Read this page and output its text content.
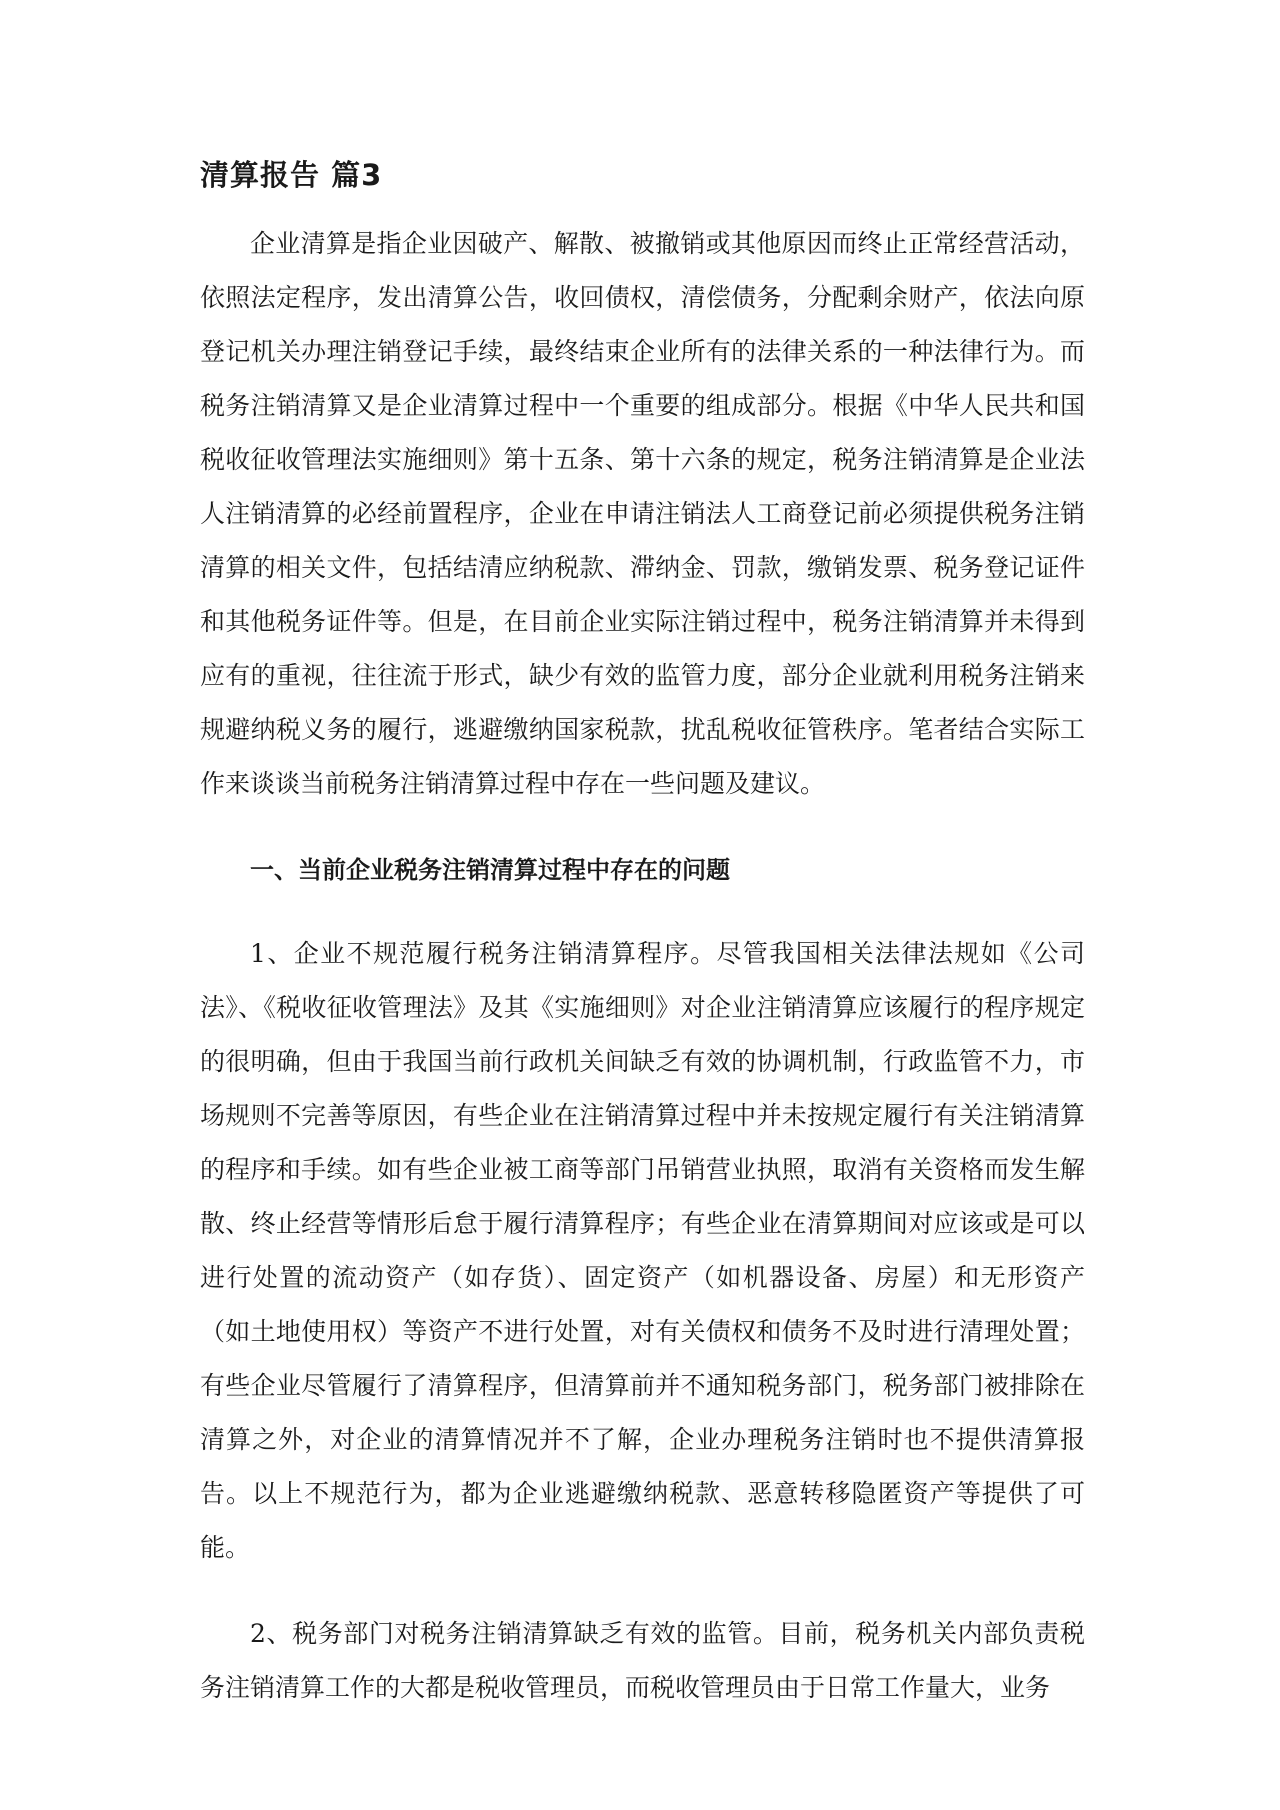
清算报告 篇3

企业清算是指企业因破产、解散、被撤销或其他原因而终止正常经营活动，依照法定程序，发出清算公告，收回债权，清偿债务，分配剩余财产，依法向原登记机关办理注销登记手续，最终结束企业所有的法律关系的一种法律行为。而税务注销清算又是企业清算过程中一个重要的组成部分。根据《中华人民共和国税收征收管理法实施细则》第十五条、第十六条的规定，税务注销清算是企业法人注销清算的必经前置程序，企业在申请注销法人工商登记前必须提供税务注销清算的相关文件，包括结清应纳税款、滞纳金、罚款，缴销发票、税务登记证件和其他税务证件等。但是，在目前企业实际注销过程中，税务注销清算并未得到应有的重视，往往流于形式，缺少有效的监管力度，部分企业就利用税务注销来规避纳税义务的履行，逃避缴纳国家税款，扰乱税收征管秩序。笔者结合实际工作来谈谈当前税务注销清算过程中存在一些问题及建议。

一、当前企业税务注销清算过程中存在的问题

1、企业不规范履行税务注销清算程序。尽管我国相关法律法规如《公司法》、《税收征收管理法》及其《实施细则》对企业注销清算应该履行的程序规定的很明确，但由于我国当前行政机关间缺乏有效的协调机制，行政监管不力，市场规则不完善等原因，有些企业在注销清算过程中并未按规定履行有关注销清算的程序和手续。如有些企业被工商等部门吊销营业执照，取消有关资格而发生解散、终止经营等情形后怠于履行清算程序；有些企业在清算期间对应该或是可以进行处置的流动资产（如存货）、固定资产（如机器设备、房屋）和无形资产（如土地使用权）等资产不进行处置，对有关债权和债务不及时进行清理处置；有些企业尽管履行了清算程序，但清算前并不通知税务部门，税务部门被排除在清算之外，对企业的清算情况并不了解，企业办理税务注销时也不提供清算报告。以上不规范行为，都为企业逃避缴纳税款、恶意转移隐匿资产等提供了可能。

2、税务部门对税务注销清算缺乏有效的监管。目前，税务机关内部负责税务注销清算工作的大都是税收管理员，而税收管理员由于日常工作量大，业务
